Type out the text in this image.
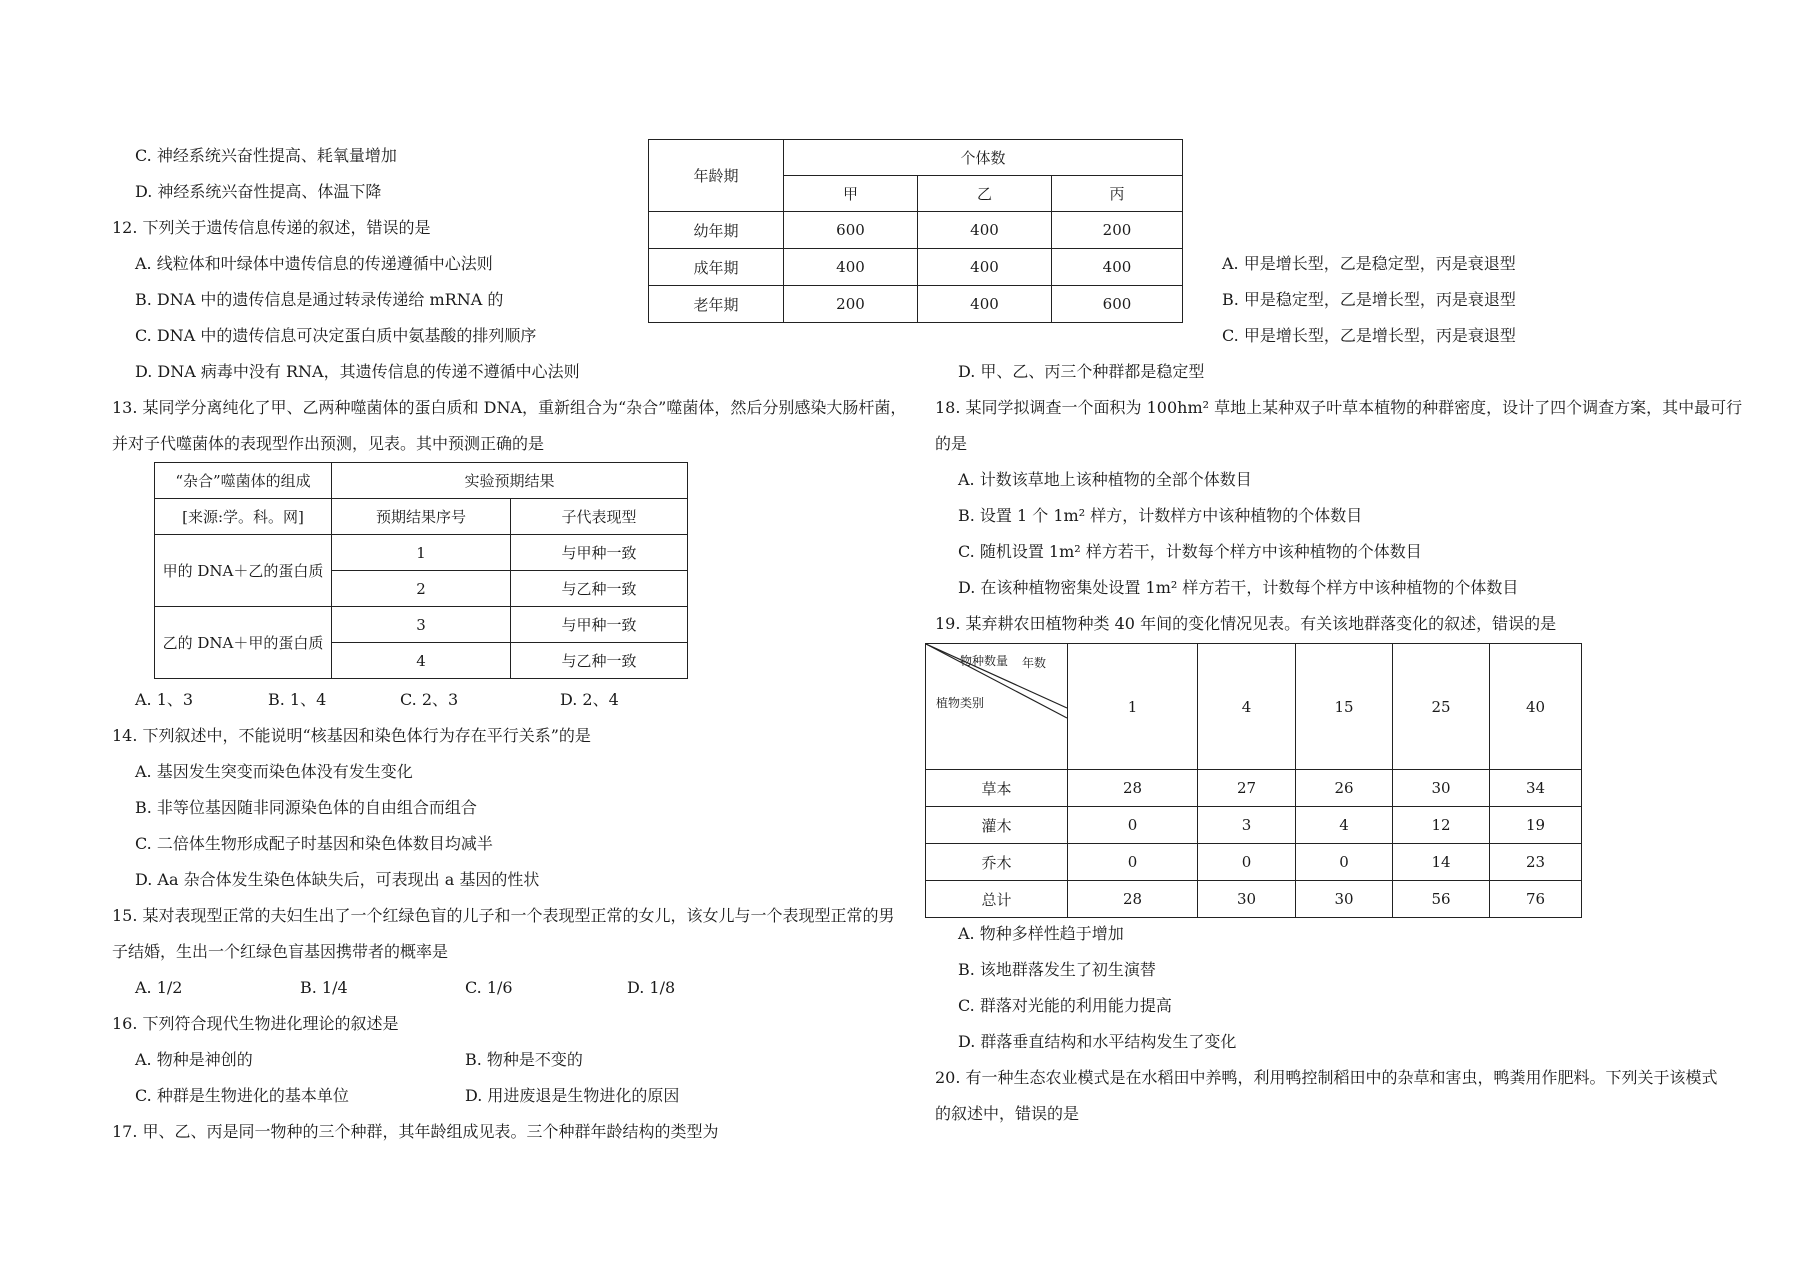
C. 神经系统兴奋性提高、耗氧量增加
D. 神经系统兴奋性提高、体温下降
12. 下列关于遗传信息传递的叙述，错误的是
A. 线粒体和叶绿体中遗传信息的传递遵循中心法则
B. DNA 中的遗传信息是通过转录传递给 mRNA 的
C. DNA 中的遗传信息可决定蛋白质中氨基酸的排列顺序
D. DNA 病毒中没有 RNA，其遗传信息的传递不遵循中心法则
13. 某同学分离纯化了甲、乙两种噬菌体的蛋白质和 DNA，重新组合为“杂合”噬菌体，然后分别感染大肠杆菌，
并对子代噬菌体的表现型作出预测，见表。其中预测正确的是
“杂合”噬菌体的组成	实验预期结果	
[来源:学。科。网]	预期结果序号	子代表现型
甲的 DNA＋乙的蛋白质	1	与甲种一致
	2	与乙种一致
乙的 DNA＋甲的蛋白质	3	与甲种一致
	4	与乙种一致
A. 1、3	B. 1、4	C. 2、3	D. 2、4
14. 下列叙述中，不能说明“核基因和染色体行为存在平行关系”的是
A. 基因发生突变而染色体没有发生变化
B. 非等位基因随非同源染色体的自由组合而组合
C. 二倍体生物形成配子时基因和染色体数目均减半
D. Aa 杂合体发生染色体缺失后，可表现出 a 基因的性状
15. 某对表现型正常的夫妇生出了一个红绿色盲的儿子和一个表现型正常的女儿，该女儿与一个表现型正常的男
子结婚，生出一个红绿色盲基因携带者的概率是
A. 1/2	B. 1/4	C. 1/6	D. 1/8
16. 下列符合现代生物进化理论的叙述是
A. 物种是神创的	B. 物种是不变的
C. 种群是生物进化的基本单位	D. 用进废退是生物进化的原因
17. 甲、乙、丙是同一物种的三个种群，其年龄组成见表。三个种群年龄结构的类型为
年龄期	个体数		
	甲	乙	丙
幼年期	600	400	200
成年期	400	400	400
老年期	200	400	600
A. 甲是增长型，乙是稳定型，丙是衰退型
B. 甲是稳定型，乙是增长型，丙是衰退型
C. 甲是增长型，乙是增长型，丙是衰退型
D. 甲、乙、丙三个种群都是稳定型
18. 某同学拟调查一个面积为 100hm² 草地上某种双子叶草本植物的种群密度，设计了四个调查方案，其中最可行
的是
A. 计数该草地上该种植物的全部个体数目
B. 设置 1 个 1m² 样方，计数样方中该种植物的个体数目
C. 随机设置 1m² 样方若干，计数每个样方中该种植物的个体数目
D. 在该种植物密集处设置 1m² 样方若干，计数每个样方中该种植物的个体数目
19. 某弃耕农田植物种类 40 年间的变化情况见表。有关该地群落变化的叙述，错误的是
物种数量 年数
植物类别	1	4	15	25	40
草本	28	27	26	30	34
灌木	0	3	4	12	19
乔木	0	0	0	14	23
总计	28	30	30	56	76
A. 物种多样性趋于增加
B. 该地群落发生了初生演替
C. 群落对光能的利用能力提高
D. 群落垂直结构和水平结构发生了变化
20. 有一种生态农业模式是在水稻田中养鸭，利用鸭控制稻田中的杂草和害虫，鸭粪用作肥料。下列关于该模式
的叙述中，错误的是
